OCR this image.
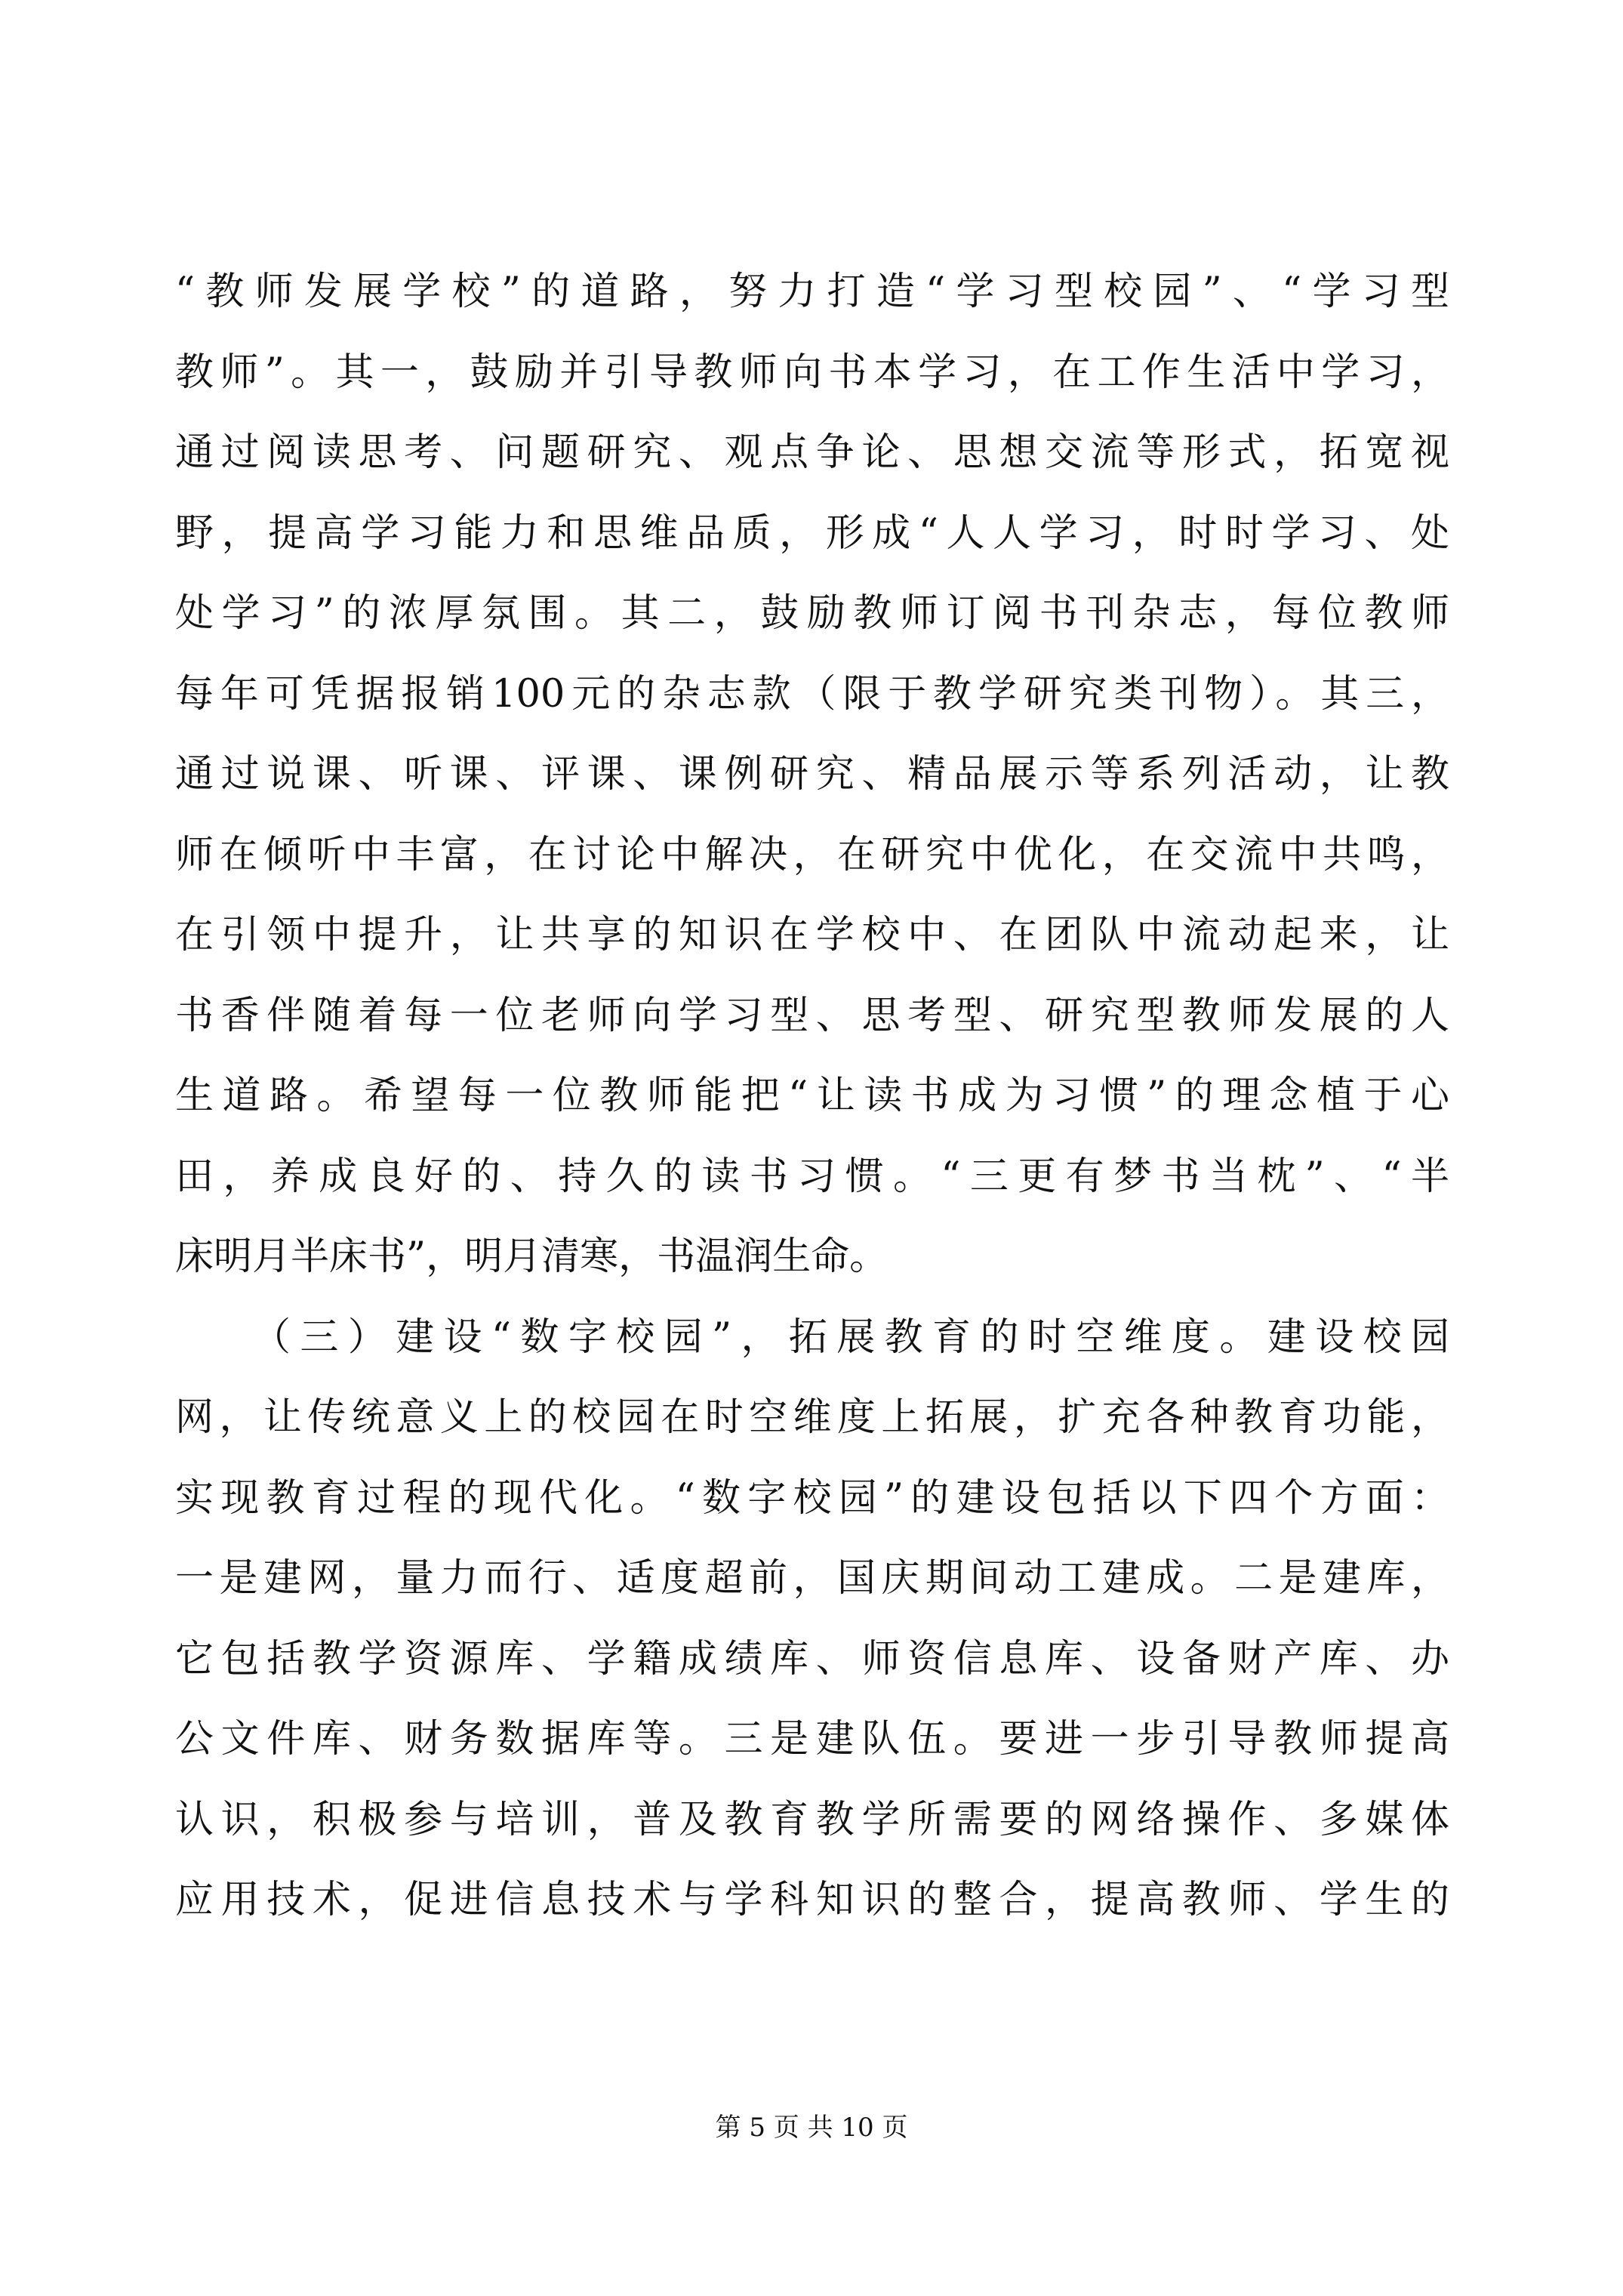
“教师发展学校”的道路，努力打造“学习型校园”、“学习型
教师”。其一，鼓励并引导教师向书本学习，在工作生活中学习，
通过阅读思考、问题研究、观点争论、思想交流等形式，拓宽视
野，提高学习能力和思维品质，形成“人人学习，时时学习、处
处学习”的浓厚氛围。其二，鼓励教师订阅书刊杂志，每位教师
每年可凭据报销100元的杂志款（限于教学研究类刊物）。其三，
通过说课、听课、评课、课例研究、精品展示等系列活动，让教
师在倾听中丰富，在讨论中解决，在研究中优化，在交流中共鸣，
在引领中提升，让共享的知识在学校中、在团队中流动起来，让
书香伴随着每一位老师向学习型、思考型、研究型教师发展的人
生道路。希望每一位教师能把“让读书成为习惯”的理念植于心
田，养成良好的、持久的读书习惯。“三更有梦书当枕”、“半
床明月半床书”，明月清寒，书温润生命。
（三）建设“数字校园”，拓展教育的时空维度。建设校园
网，让传统意义上的校园在时空维度上拓展，扩充各种教育功能，
实现教育过程的现代化。“数字校园”的建设包括以下四个方面：
一是建网，量力而行、适度超前，国庆期间动工建成。二是建库，
它包括教学资源库、学籍成绩库、师资信息库、设备财产库、办
公文件库、财务数据库等。三是建队伍。要进一步引导教师提高
认识，积极参与培训，普及教育教学所需要的网络操作、多媒体
应用技术，促进信息技术与学科知识的整合，提高教师、学生的
第 5 页 共 10 页
